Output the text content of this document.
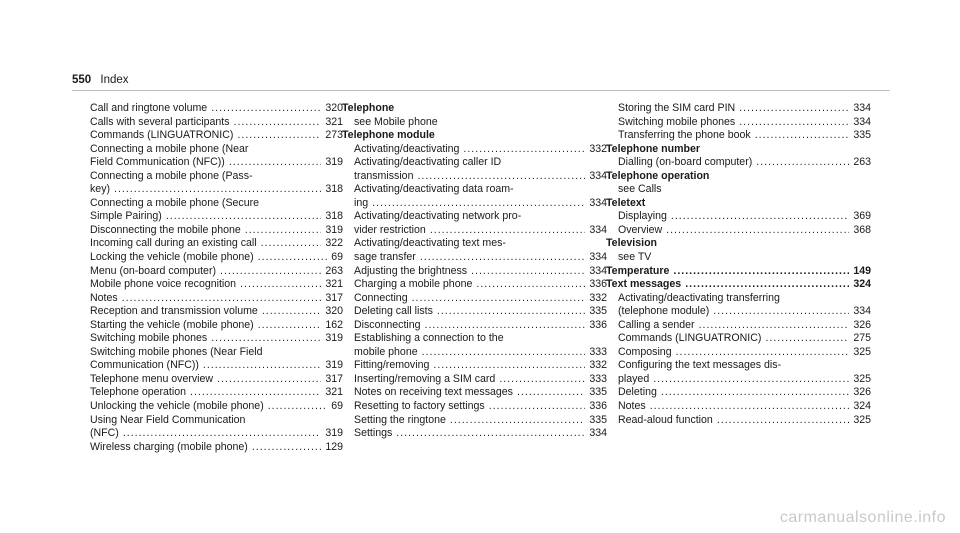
550 Index
Call and ringtone volume .....	320
Calls with several participants .....	321
Commands (LINGUATRONIC) .....	273
Connecting a mobile phone (Near
Field Communication (NFC)) .....	319
Connecting a mobile phone (Pass-
key) .....	318
Connecting a mobile phone (Secure
Simple Pairing) .....	318
Disconnecting the mobile phone .....	319
Incoming call during an existing call .....	322
Locking the vehicle (mobile phone) .....	69
Menu (on-board computer) .....	263
Mobile phone voice recognition .....	321
Notes .....	317
Reception and transmission volume .....	320
Starting the vehicle (mobile phone) .....	162
Switching mobile phones .....	319
Switching mobile phones (Near Field
Communication (NFC)) .....	319
Telephone menu overview .....	317
Telephone operation .....	321
Unlocking the vehicle (mobile phone) .....	69
Using Near Field Communication
(NFC) .....	319
Wireless charging (mobile phone) .....	129
Telephone
see Mobile phone
Telephone module
Activating/deactivating .....	332
Activating/deactivating caller ID
transmission .....	334
Activating/deactivating data roam-
ing .....	334
Activating/deactivating network pro-
vider restriction .....	334
Activating/deactivating text mes-
sage transfer .....	334
Adjusting the brightness .....	334
Charging a mobile phone .....	336
Connecting .....	332
Deleting call lists .....	335
Disconnecting .....	336
Establishing a connection to the
mobile phone .....	333
Fitting/removing .....	332
Inserting/removing a SIM card .....	333
Notes on receiving text messages .....	335
Resetting to factory settings .....	336
Setting the ringtone .....	335
Settings .....	334
Storing the SIM card PIN .....	334
Switching mobile phones .....	334
Transferring the phone book .....	335
Telephone number
Dialling (on-board computer) .....	263
Telephone operation
see Calls
Teletext
Displaying .....	369
Overview .....	368
Television
see TV
Temperature .....	149
Text messages .....	324
Activating/deactivating transferring
(telephone module) .....	334
Calling a sender .....	326
Commands (LINGUATRONIC) .....	275
Composing .....	325
Configuring the text messages dis-
played .....	325
Deleting .....	326
Notes .....	324
Read-aloud function .....	325
carmanualsonline.info
